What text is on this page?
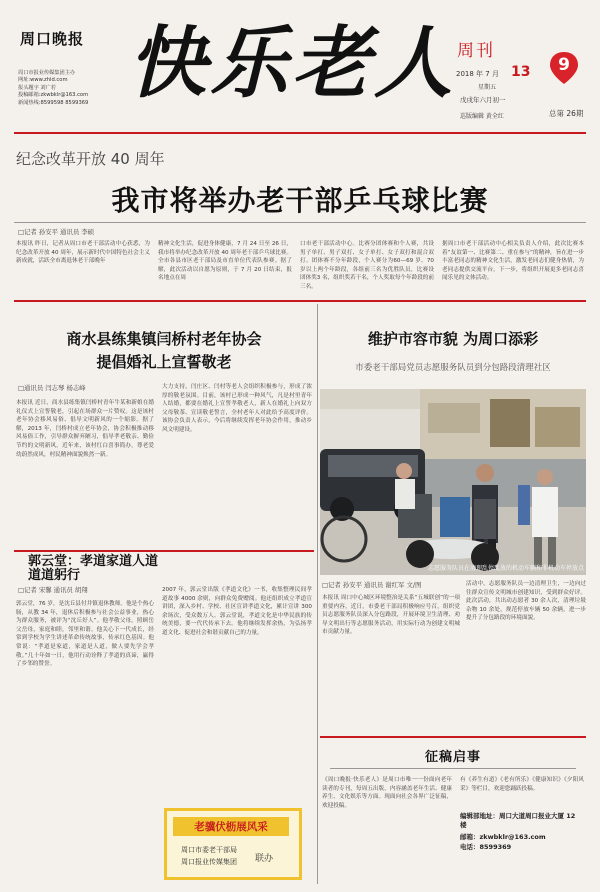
周口晚报
周口市报业传媒集团主办
网址:www.zhld.com
报头题字 刘广若
投稿邮箱:zkwbklr@163.com
新闻热线:8599598 8599369 快乐老人 周刊
9
2018 年 7 月 13
星期五
戊戌年六月初一
巡版编辑 黄全红	总第 26期
纪念改革开放 40 周年
我市将举办老干部乒乓球比赛
□记者 孙安平 通讯员 李硕
本报讯 昨日，记者从周口市老干部活动中心获悉，为纪念改革开放 40 周年，展示新时代中国特色社会主义新成就，活跃全市离退休老干部晚年
精神文化生活，促进身体健康，7 月 24 日至 26 日，我市将举办纪念改革开放 40 周年老干部乒乓球比赛。全市各县市区老干部局及市直单位代表队参赛。据了解，此次活动以自愿为原则，于 7 月 20 日结束，报名地点在周
口市老干部活动中心。比赛分团体赛和个人赛，共设男子单打、男子双打、女子单打、女子双打和混合双打。团体赛不分年龄段，个人赛分为60—69 岁、70 岁以上两个年龄段，各组前三名为优胜队员，比赛设团体奖3 名，组织奖若干名，个人奖取每个年龄段的前三名。
据周口市老干部活动中心相关负责人介绍，此次比赛本着“友谊第一、比赛第二、重在参与”的精神，旨在进一步丰富老同志的精神文化生活，激发老同志们健身热情，为老同志提供交流平台。下一步，将组织开展更多老同志喜闻乐见的文体活动。
商水县练集镇闫桥村老年协会
提倡婚礼上宣誓敬老
□通讯员 闫志琴 杨志峰
本报讯 近日，商水县练集镇闫桥村青年牛某和新娘在婚礼仪式上宣誓敬老，引起在场群众一片赞叹。这是该村老年协会移风易俗、倡导文明新风的一个缩影。据了解，2013 年，闫桥村成立老年协会，协会积极推动移风易俗工作，引导群众摒弃陋习，倡导孝老敬亲、勤俭节约的文明新风。近年来，该村红白喜事简办，尊老爱幼蔚然成风，村民精神面貌焕然一新。
大力支持，闫庄区、闫村等老人会组织积极参与，形成了浓厚的敬老氛围。目前，该村已形成一种风气，凡是村里青年人结婚，都要在婚礼上宣誓孝敬老人，新人在婚礼上向双方父母敬茶、宣读敬老誓言，全村老年人对此给予高度评价。该协会负责人表示，今后将继续发挥老年协会作用，推动乡风文明建设。
维护市容市貌 为周口添彩
市委老干部局党员志愿服务队员到分包路段清理社区
志愿服务队员在清理乱停乱放的机动车辆和非机动车停放点
□记者 孙安平 通讯员 谢红军 文/图
本报讯 周口中心城区环境整治是关系“五城联创”的一项重要内容。近日，市委老干部局积极响应号召，组织党员志愿服务队员深入分包路段，开展环境卫生清理、劝导文明出行等志愿服务活动，用实际行动为创建文明城市贡献力量。
活动中，志愿服务队员一边清理卫生，一边向过往群众宣传文明城市创建知识，受到群众好评。此次活动，共出动志愿者 30 余人次，清理垃圾杂物 10 余处，规范停放车辆 50 余辆，进一步提升了分包路段的环境面貌。
郭云堂：孝道家道人道 道道躬行
□记者 宋馨 通讯员 胡翔
郭云堂，76 岁，是沈丘县付井镇退休教师。他是个热心肠，从教 34 年，退休后积极参与社会公益事业，热心为群众服务，被评为“沈丘好人”。他孝敬父母，照顾岳父岳母，家庭和睦，邻里和谐。他关心下一代成长，经常到学校为学生讲述革命传统故事，传承红色基因。他常说：“孝道是家道，家道是人道，做人要先学会孝敬。”几十年如一日，他用行动诠释了孝道的真谛，赢得了乡邻的赞誉。
2007 年，郭云堂出版《孝道文化》一书，收集整理民间孝道故事 4000 余则，向群众免费赠阅。他还组织成立孝道宣讲团，深入乡村、学校、社区宣讲孝道文化，累计宣讲 300 余场次，受众数万人。郭云堂说，孝道文化是中华民族的传统美德，要一代代传承下去。他将继续发挥余热，为弘扬孝道文化、促进社会和谐贡献自己的力量。
老骥伏枥展风采
周口市委老干部局
周口报业传媒集团 联办
征稿启事
《周口晚报·快乐老人》是周口市唯一一份面向老年读者的专刊，每周五出版，内容涵盖老年生活、健康养生、文化娱乐等方面。现面向社会各界广泛征稿，欢迎投稿。
有《养生有道》《老有所乐》《健康知识》《夕阳风采》等栏目，欢迎您踊跃投稿。
编辑部地址：周口大道周口报业大厦 12 楼
邮箱：zkwbklr@163.com
电话：8599369
